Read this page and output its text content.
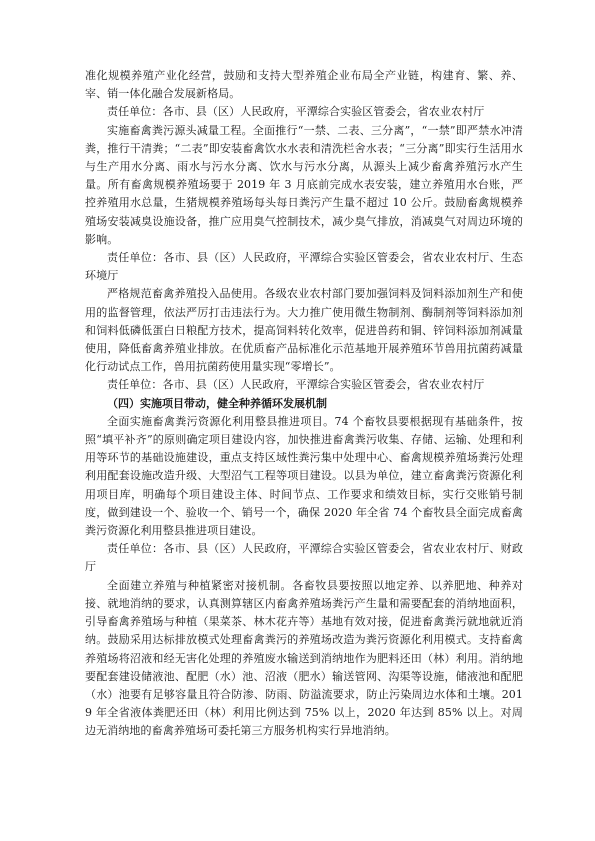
准化规模养殖产业化经营，鼓励和支持大型养殖企业布局全产业链，构建育、繁、养、宰、销一体化融合发展新格局。

责任单位：各市、县（区）人民政府，平潭综合实验区管委会，省农业农村厅

实施畜禽粪污源头减量工程。全面推行“一禁、二表、三分离”，“一禁”即严禁水冲清粪，推行干清粪；“二表”即安装畜禽饮水水表和清洗栏舍水表；“三分离”即实行生活用水与生产用水分离、雨水与污水分离、饮水与污水分离，从源头上减少畜禽养殖污水产生量。所有畜禽规模养殖场要于 2019 年 3 月底前完成水表安装，建立养殖用水台账，严控养殖用水总量，生猪规模养殖场每头每日粪污产生量不超过 10 公斤。鼓励畜禽规模养殖场安装减臭设施设备，推广应用臭气控制技术，减少臭气排放，消减臭气对周边环境的影响。

责任单位：各市、县（区）人民政府，平潭综合实验区管委会，省农业农村厅、生态环境厅

严格规范畜禽养殖投入品使用。各级农业农村部门要加强饲料及饲料添加剂生产和使用的监督管理，依法严厉打击违法行为。大力推广使用微生物制剂、酶制剂等饲料添加剂和饲料低磷低蛋白日粮配方技术，提高饲料转化效率，促进兽药和铜、锌饲料添加剂减量使用，降低畜禽养殖业排放。在优质畜产品标准化示范基地开展养殖环节兽用抗菌药减量化行动试点工作，兽用抗菌药使用量实现“零增长”。

责任单位：各市、县（区）人民政府，平潭综合实验区管委会，省农业农村厅

（四）实施项目带动，健全种养循环发展机制

全面实施畜禽粪污资源化利用整县推进项目。74 个畜牧县要根据现有基础条件，按照“填平补齐”的原则确定项目建设内容，加快推进畜禽粪污收集、存储、运输、处理和利用等环节的基础设施建设，重点支持区域性粪污集中处理中心、畜禽规模养殖场粪污处理利用配套设施改造升级、大型沼气工程等项目建设。以县为单位，建立畜禽粪污资源化利用项目库，明确每个项目建设主体、时间节点、工作要求和绩效目标，实行交账销号制度，做到建设一个、验收一个、销号一个，确保 2020 年全省 74 个畜牧县全面完成畜禽粪污资源化利用整县推进项目建设。

责任单位：各市、县（区）人民政府，平潭综合实验区管委会，省农业农村厅、财政厅

全面建立养殖与种植紧密对接机制。各畜牧县要按照以地定养、以养肥地、种养对接、就地消纳的要求，认真测算辖区内畜禽养殖场粪污产生量和需要配套的消纳地面积，引导畜禽养殖场与种植（果菜茶、林木花卉等）基地有效对接，促进畜禽粪污就地就近消纳。鼓励采用达标排放模式处理畜禽粪污的养殖场改造为粪污资源化利用模式。支持畜禽养殖场将沼液和经无害化处理的养殖废水输送到消纳地作为肥料还田（林）利用。消纳地要配套建设储液池、配肥（水）池、沼液（肥水）输送管网、沟渠等设施，储液池和配肥（水）池要有足够容量且符合防渗、防雨、防溢流要求，防止污染周边水体和土壤。2019 年全省液体粪肥还田（林）利用比例达到 75% 以上，2020 年达到 85% 以上。对周边无消纳地的畜禽养殖场可委托第三方服务机构实行异地消纳。
